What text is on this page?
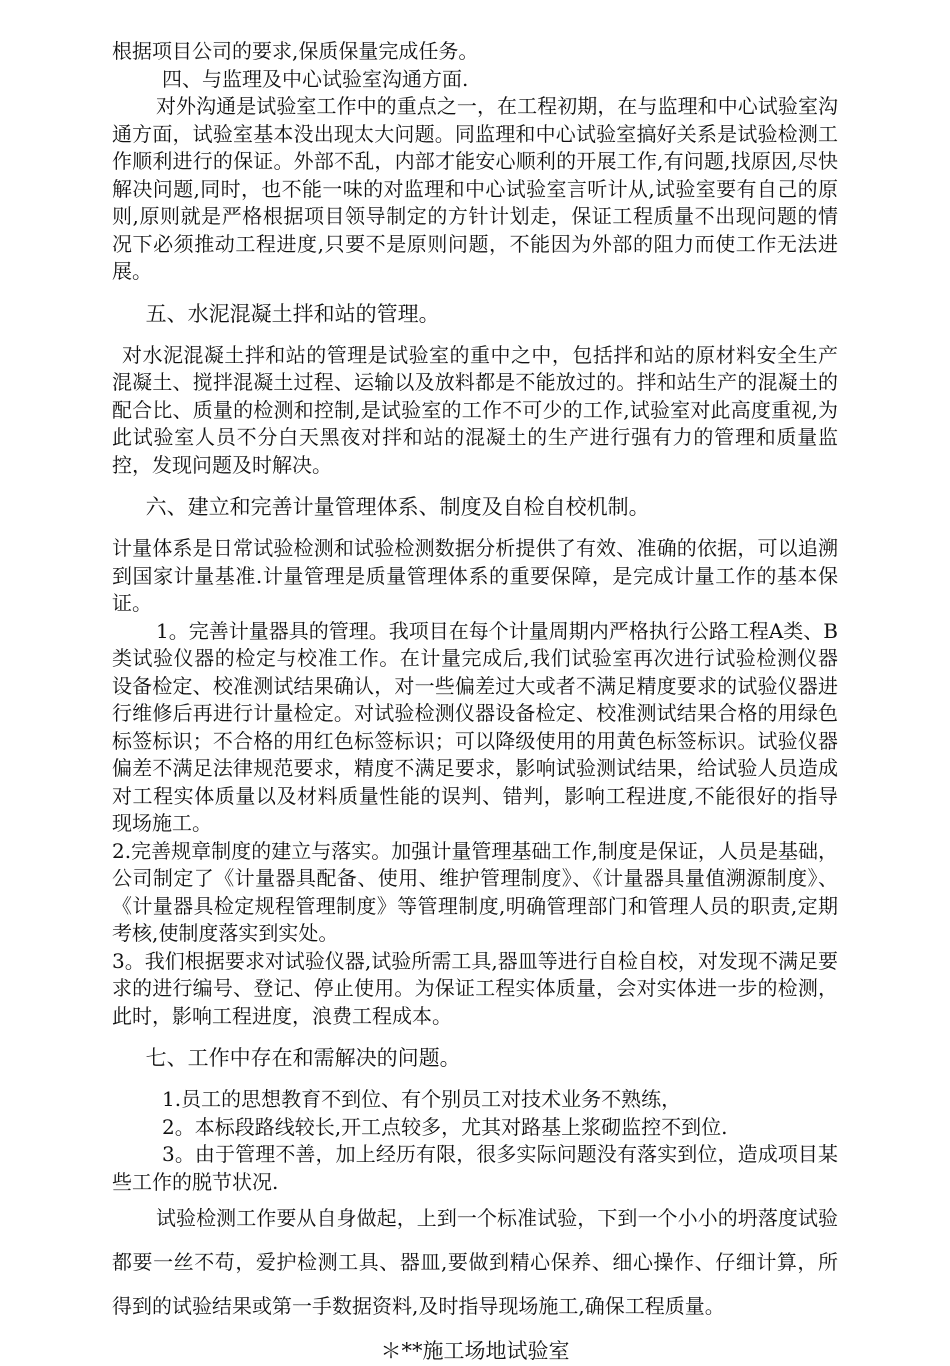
根据项目公司的要求,保质保量完成任务。

四、与监理及中心试验室沟通方面.

对外沟通是试验室工作中的重点之一，在工程初期，在与监理和中心试验室沟通方面，试验室基本没出现太大问题。同监理和中心试验室搞好关系是试验检测工作顺利进行的保证。外部不乱，内部才能安心顺利的开展工作,有问题,找原因,尽快解决问题,同时，也不能一味的对监理和中心试验室言听计从,试验室要有自己的原则,原则就是严格根据项目领导制定的方针计划走，保证工程质量不出现问题的情况下必须推动工程进度,只要不是原则问题，不能因为外部的阻力而使工作无法进展。

五、水泥混凝土拌和站的管理。

对水泥混凝土拌和站的管理是试验室的重中之中，包括拌和站的原材料安全生产混凝土、搅拌混凝土过程、运输以及放料都是不能放过的。拌和站生产的混凝土的配合比、质量的检测和控制,是试验室的工作不可少的工作,试验室对此高度重视,为此试验室人员不分白天黑夜对拌和站的混凝土的生产进行强有力的管理和质量监控，发现问题及时解决。

六、建立和完善计量管理体系、制度及自检自校机制。

计量体系是日常试验检测和试验检测数据分析提供了有效、准确的依据，可以追溯到国家计量基准.计量管理是质量管理体系的重要保障，是完成计量工作的基本保证。

1。完善计量器具的管理。我项目在每个计量周期内严格执行公路工程A类、B类试验仪器的检定与校准工作。在计量完成后,我们试验室再次进行试验检测仪器设备检定、校准测试结果确认，对一些偏差过大或者不满足精度要求的试验仪器进行维修后再进行计量检定。对试验检测仪器设备检定、校准测试结果合格的用绿色标签标识；不合格的用红色标签标识；可以降级使用的用黄色标签标识。试验仪器偏差不满足法律规范要求，精度不满足要求，影响试验测试结果，给试验人员造成对工程实体质量以及材料质量性能的误判、错判，影响工程进度,不能很好的指导现场施工。

2.完善规章制度的建立与落实。加强计量管理基础工作,制度是保证，人员是基础，公司制定了《计量器具配备、使用、维护管理制度》、《计量器具量值溯源制度》、《计量器具检定规程管理制度》等管理制度,明确管理部门和管理人员的职责,定期考核,使制度落实到实处。

3。我们根据要求对试验仪器,试验所需工具,器皿等进行自检自校，对发现不满足要求的进行编号、登记、停止使用。为保证工程实体质量，会对实体进一步的检测，此时，影响工程进度，浪费工程成本。

七、工作中存在和需解决的问题。

1.员工的思想教育不到位、有个别员工对技术业务不熟练，

2。本标段路线较长,开工点较多，尤其对路基上浆砌监控不到位.

3。由于管理不善，加上经历有限，很多实际问题没有落实到位，造成项目某些工作的脱节状况.

试验检测工作要从自身做起，上到一个标准试验，下到一个小小的坍落度试验都要一丝不苟，爱护检测工具、器皿,要做到精心保养、细心操作、仔细计算，所得到的试验结果或第一手数据资料,及时指导现场施工,确保工程质量。

＊**施工场地试验室
